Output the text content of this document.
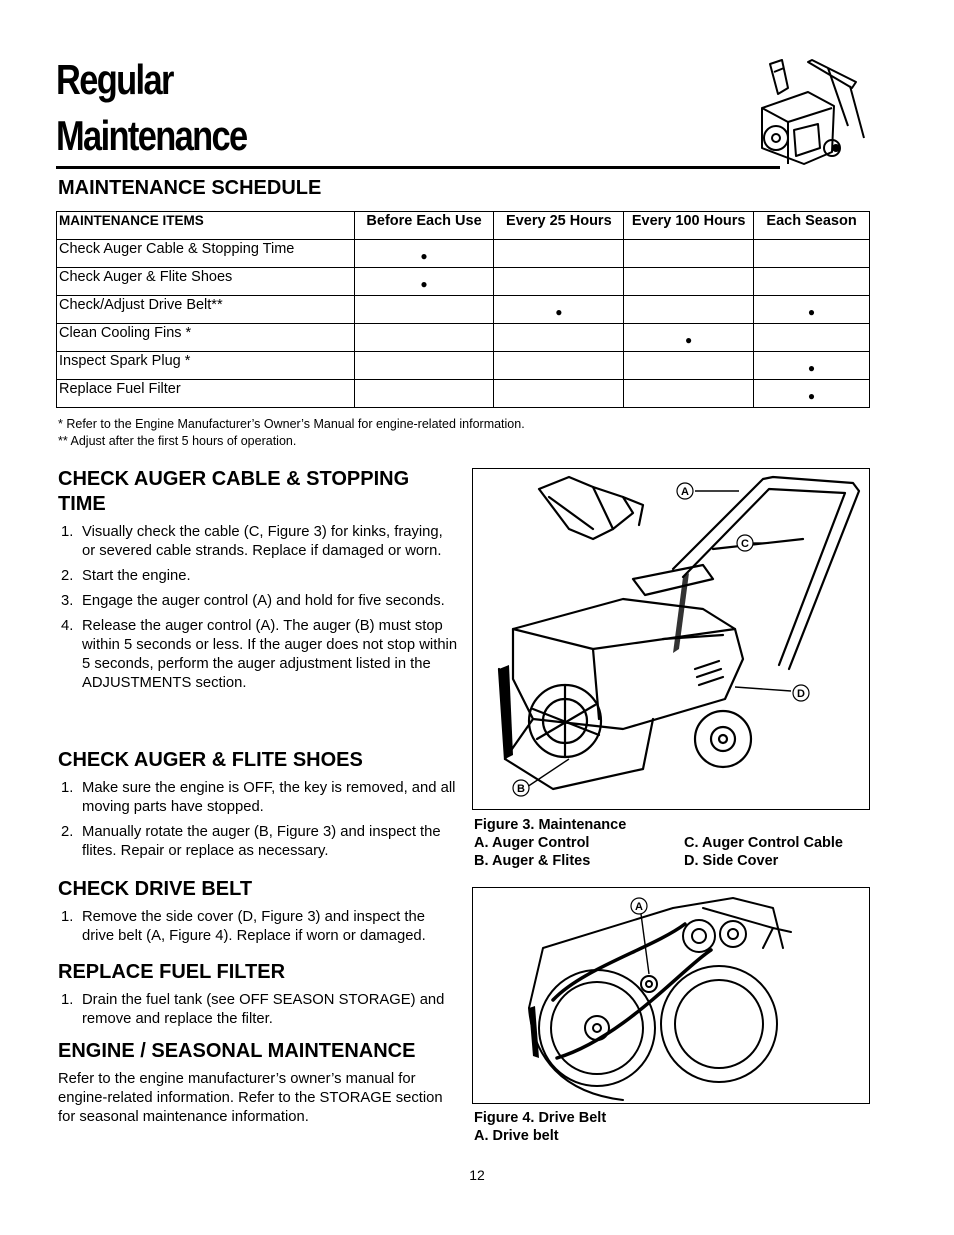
Regular
Maintenance
MAINTENANCE SCHEDULE
MAINTENANCE ITEMS	Before Each Use	Every 25 Hours	Every 100 Hours	Each Season
Check Auger Cable & Stopping Time	●			
Check Auger & Flite Shoes	●			
Check/Adjust Drive Belt**		●		●
Clean Cooling Fins *			●	
Inspect Spark Plug *				●
Replace Fuel Filter				●
* Refer to the Engine Manufacturer’s Owner’s Manual for engine-related information.
** Adjust after the first 5 hours of operation.
CHECK AUGER CABLE & STOPPING TIME
1. Visually check the cable (C, Figure 3) for kinks, fraying, or severed cable strands. Replace if damaged or worn.
2. Start the engine.
3. Engage the auger control (A) and hold for five seconds.
4. Release the auger control (A). The auger (B) must stop within 5 seconds or less. If the auger does not stop within 5 seconds, perform the auger adjustment listed in the ADJUSTMENTS section.
CHECK AUGER & FLITE SHOES
1. Make sure the engine is OFF, the key is removed, and all moving parts have stopped.
2. Manually rotate the auger (B, Figure 3) and inspect the flites. Repair or replace as necessary.
CHECK DRIVE BELT
1. Remove the side cover (D, Figure 3) and inspect the drive belt (A, Figure 4). Replace if worn or damaged.
REPLACE FUEL FILTER
1. Drain the fuel tank (see OFF SEASON STORAGE) and remove and replace the filter.
ENGINE / SEASONAL MAINTENANCE

Refer to the engine manufacturer’s owner’s manual for engine-related information. Refer to the STORAGE section for seasonal maintenance information.

A
C
D
B
Figure 3. Maintenance
A. Auger Control	C. Auger Control Cable
B. Auger & Flites	D. Side Cover
A
Figure 4. Drive Belt
A. Drive belt
12
